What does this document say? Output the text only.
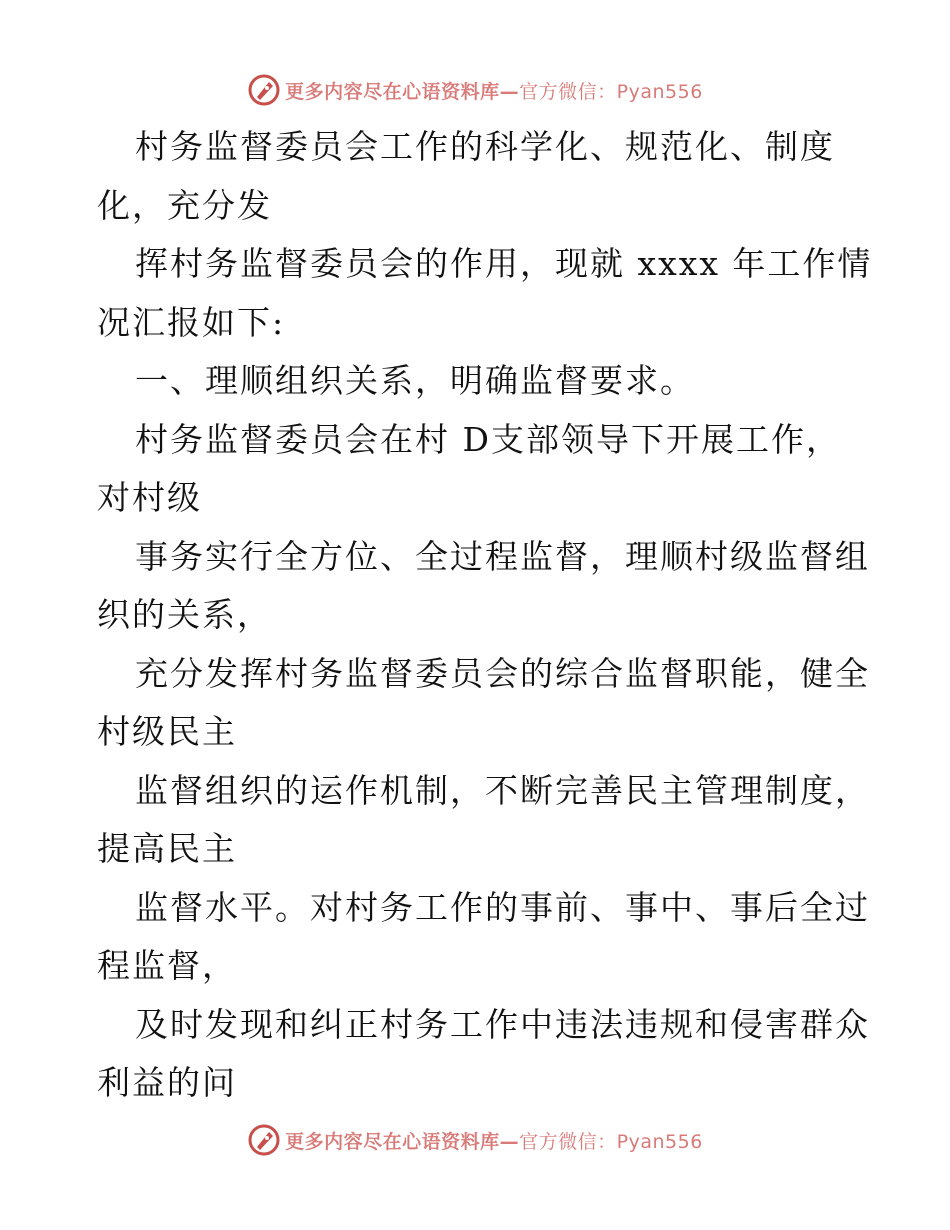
更多内容尽在心语资料库—官方微信：Pyan556
村务监督委员会工作的科学化、规范化、制度
化，充分发
挥村务监督委员会的作用，现就 xxxx 年工作情
况汇报如下:
一、理顺组织关系，明确监督要求。
村务监督委员会在村 D支部领导下开展工作，
对村级
事务实行全方位、全过程监督，理顺村级监督组
织的关系，
充分发挥村务监督委员会的综合监督职能，健全
村级民主
监督组织的运作机制，不断完善民主管理制度，
提高民主
监督水平。对村务工作的事前、事中、事后全过
程监督，
及时发现和纠正村务工作中违法违规和侵害群众
利益的问
更多内容尽在心语资料库—官方微信：Pyan556
